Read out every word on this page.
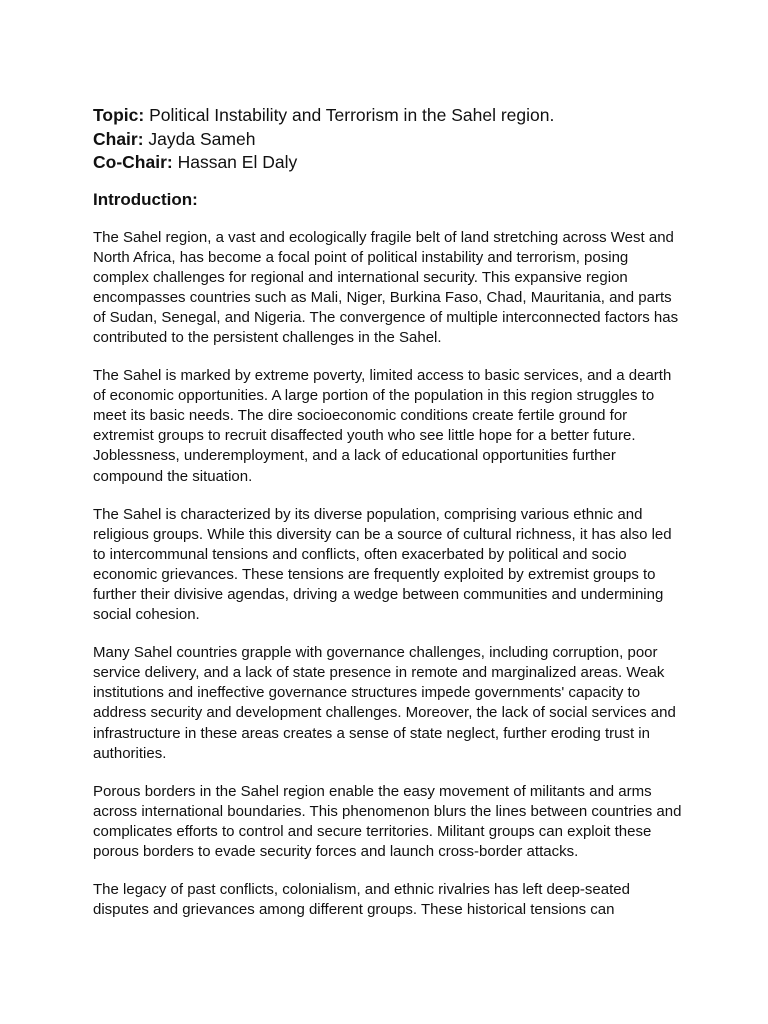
Topic: Political Instability and Terrorism in the Sahel region.

Chair: Jayda Sameh

Co-Chair: Hassan El Daly

Introduction:

The Sahel region, a vast and ecologically fragile belt of land stretching across West and North Africa, has become a focal point of political instability and terrorism, posing complex challenges for regional and international security. This expansive region encompasses countries such as Mali, Niger, Burkina Faso, Chad, Mauritania, and parts of Sudan, Senegal, and Nigeria. The convergence of multiple interconnected factors has contributed to the persistent challenges in the Sahel.

The Sahel is marked by extreme poverty, limited access to basic services, and a dearth of economic opportunities. A large portion of the population in this region struggles to meet its basic needs. The dire socioeconomic conditions create fertile ground for extremist groups to recruit disaffected youth who see little hope for a better future. Joblessness, underemployment, and a lack of educational opportunities further compound the situation.

The Sahel is characterized by its diverse population, comprising various ethnic and religious groups. While this diversity can be a source of cultural richness, it has also led to intercommunal tensions and conflicts, often exacerbated by political and socio economic grievances. These tensions are frequently exploited by extremist groups to further their divisive agendas, driving a wedge between communities and undermining social cohesion.

Many Sahel countries grapple with governance challenges, including corruption, poor service delivery, and a lack of state presence in remote and marginalized areas. Weak institutions and ineffective governance structures impede governments' capacity to address security and development challenges. Moreover, the lack of social services and infrastructure in these areas creates a sense of state neglect, further eroding trust in authorities.

Porous borders in the Sahel region enable the easy movement of militants and arms across international boundaries. This phenomenon blurs the lines between countries and complicates efforts to control and secure territories. Militant groups can exploit these porous borders to evade security forces and launch cross-border attacks.

The legacy of past conflicts, colonialism, and ethnic rivalries has left deep-seated disputes and grievances among different groups. These historical tensions can
